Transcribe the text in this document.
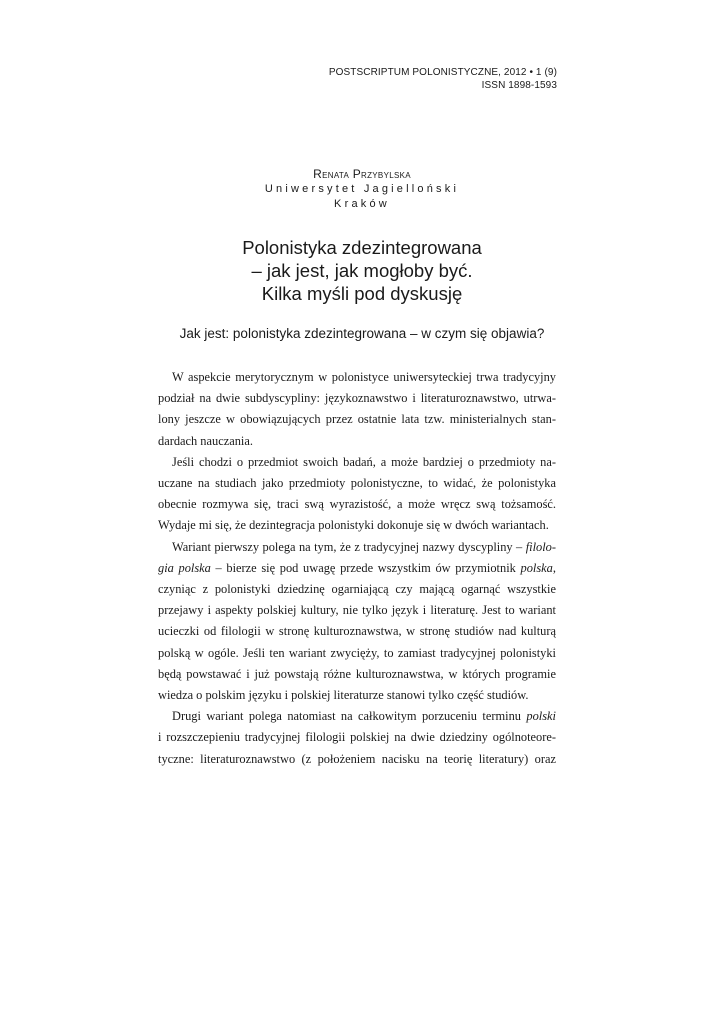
POSTSCRIPTUM POLONISTYCZNE, 2012 • 1 (9)
ISSN 1898-1593
Renata Przybylska
Uniwersytet Jagielloński
Kraków
Polonistyka zdezintegrowana
– jak jest, jak mogłoby być.
Kilka myśli pod dyskusję
Jak jest: polonistyka zdezintegrowana – w czym się objawia?
W aspekcie merytorycznym w polonistyce uniwersyteckiej trwa tradycyjny
podział na dwie subdyscypliny: językoznawstwo i literaturoznawstwo, utrwa-
lony jeszcze w obowiązujących przez ostatnie lata tzw. ministerialnych stan-
dardach nauczania.
Jeśli chodzi o przedmiot swoich badań, a może bardziej o przedmioty na-
uczane na studiach jako przedmioty polonistyczne, to widać, że polonistyka
obecnie rozmywa się, traci swą wyrazistość, a może wręcz swą tożsamość.
Wydaje mi się, że dezintegracja polonistyki dokonuje się w dwóch wariantach.
Wariant pierwszy polega na tym, że z tradycyjnej nazwy dyscypliny – filolo-
gia polska – bierze się pod uwagę przede wszystkim ów przymiotnik polska,
czyniąc z polonistyki dziedzinę ogarniającą czy mającą ogarnąć wszystkie
przejawy i aspekty polskiej kultury, nie tylko język i literaturę. Jest to wariant
ucieczki od filologii w stronę kulturoznawstwa, w stronę studiów nad kulturą
polską w ogóle. Jeśli ten wariant zwycięży, to zamiast tradycyjnej polonistyki
będą powstawać i już powstają różne kulturoznawstwa, w których programie
wiedza o polskim języku i polskiej literaturze stanowi tylko część studiów.
Drugi wariant polega natomiast na całkowitym porzuceniu terminu polski
i rozszczepieniu tradycyjnej filologii polskiej na dwie dziedziny ogólnoteore-
tyczne: literaturoznawstwo (z położeniem nacisku na teorię literatury) oraz
